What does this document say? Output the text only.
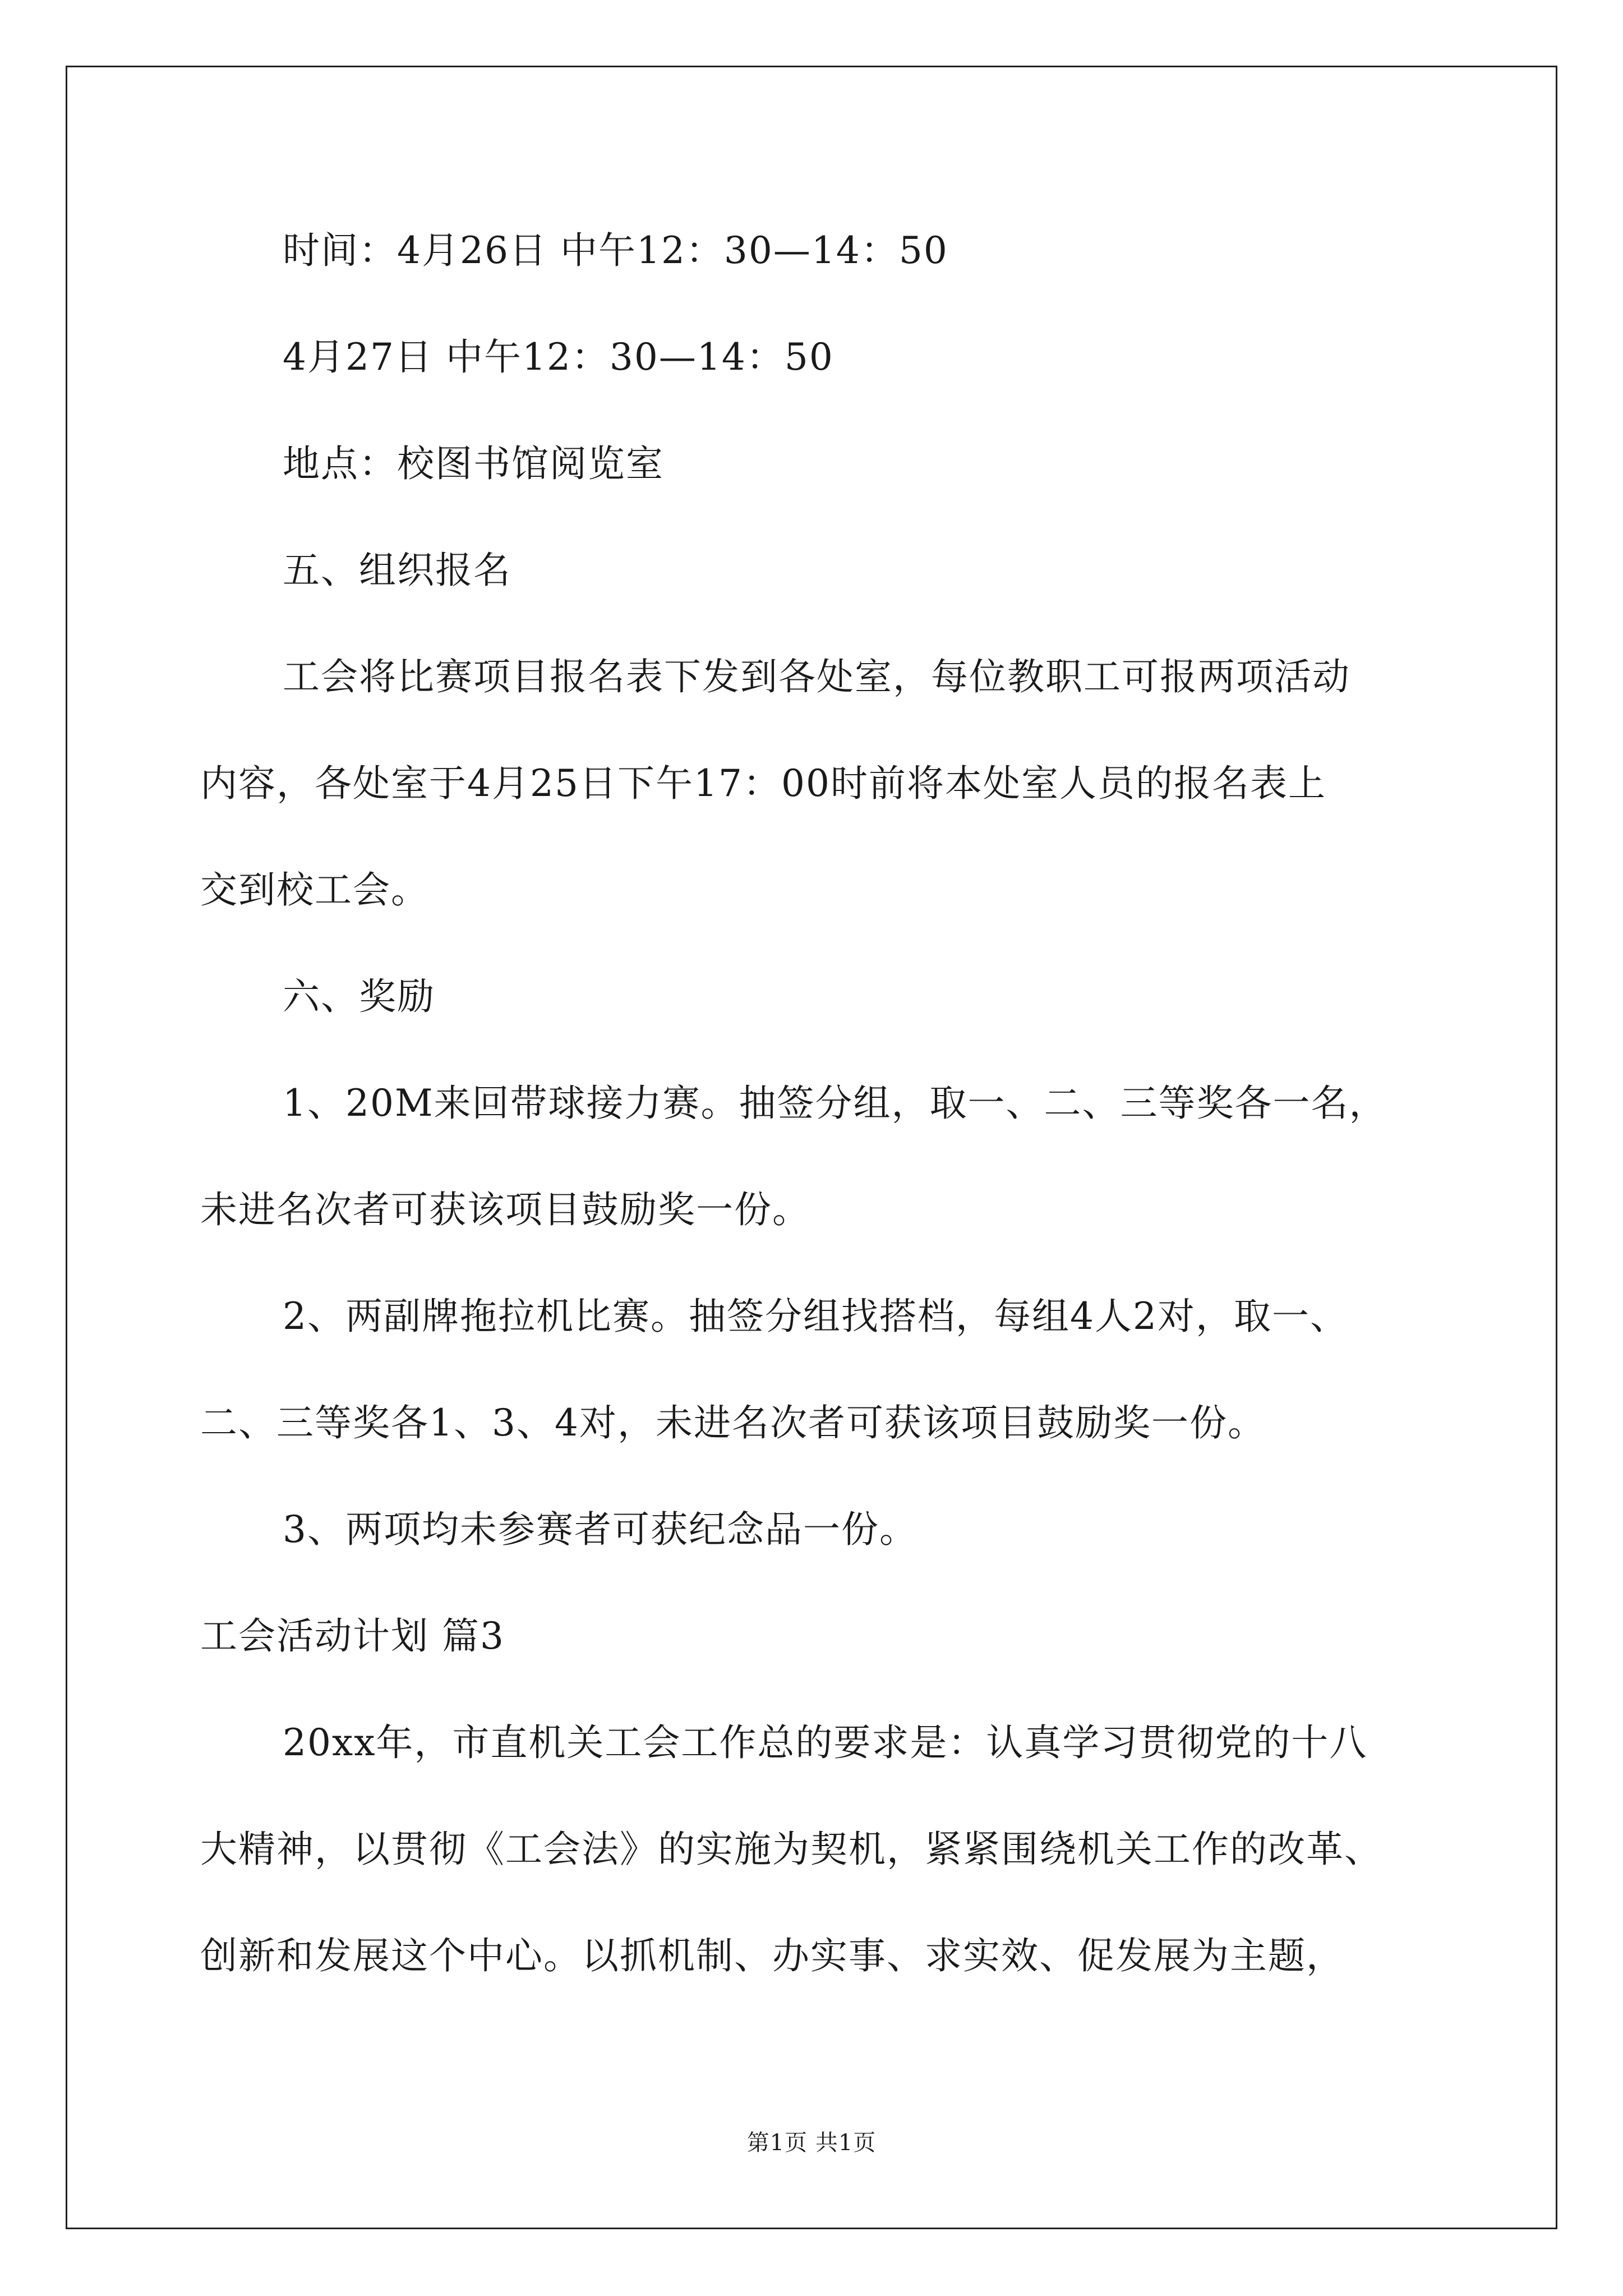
时间：4月26日 中午12：30—14：50
4月27日 中午12：30—14：50
地点：校图书馆阅览室
五、组织报名
工会将比赛项目报名表下发到各处室，每位教职工可报两项活动
内容，各处室于4月25日下午17：00时前将本处室人员的报名表上
交到校工会。
六、奖励
1、20M来回带球接力赛。抽签分组，取一、二、三等奖各一名，
未进名次者可获该项目鼓励奖一份。
2、两副牌拖拉机比赛。抽签分组找搭档，每组4人2对，取一、
二、三等奖各1、3、4对，未进名次者可获该项目鼓励奖一份。
3、两项均未参赛者可获纪念品一份。
工会活动计划 篇3
20xx年，市直机关工会工作总的要求是：认真学习贯彻党的十八
大精神，以贯彻《工会法》的实施为契机，紧紧围绕机关工作的改革、
创新和发展这个中心。以抓机制、办实事、求实效、促发展为主题，
第1页 共1页
